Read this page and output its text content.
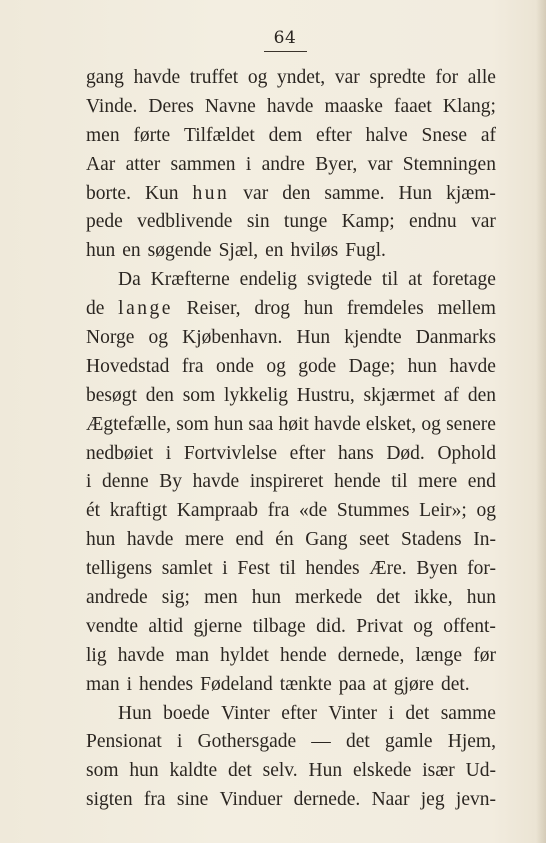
64
gang havde truffet og yndet, var spredte for alle
Vinde. Deres Navne havde maaske faaet Klang;
men førte Tilfældet dem efter halve Snese af
Aar atter sammen i andre Byer, var Stemningen
borte. Kun hun var den samme. Hun kjæm-
pede vedblivende sin tunge Kamp; endnu var
hun en søgende Sjæl, en hviløs Fugl.
Da Kræfterne endelig svigtede til at foretage
de lange Reiser, drog hun fremdeles mellem
Norge og Kjøbenhavn. Hun kjendte Danmarks
Hovedstad fra onde og gode Dage; hun havde
besøgt den som lykkelig Hustru, skjærmet af den
Ægtefælle, som hun saa høit havde elsket, og senere
nedbøiet i Fortvivlelse efter hans Død. Ophold
i denne By havde inspireret hende til mere end
ét kraftigt Kampraab fra «de Stummes Leir»; og
hun havde mere end én Gang seet Stadens In-
telligens samlet i Fest til hendes Ære. Byen for-
andrede sig; men hun merkede det ikke, hun
vendte altid gjerne tilbage did. Privat og offent-
lig havde man hyldet hende dernede, længe før
man i hendes Fødeland tænkte paa at gjøre det.
Hun boede Vinter efter Vinter i det samme
Pensionat i Gothersgade — det gamle Hjem,
som hun kaldte det selv. Hun elskede især Ud-
sigten fra sine Vinduer dernede. Naar jeg jevn-
